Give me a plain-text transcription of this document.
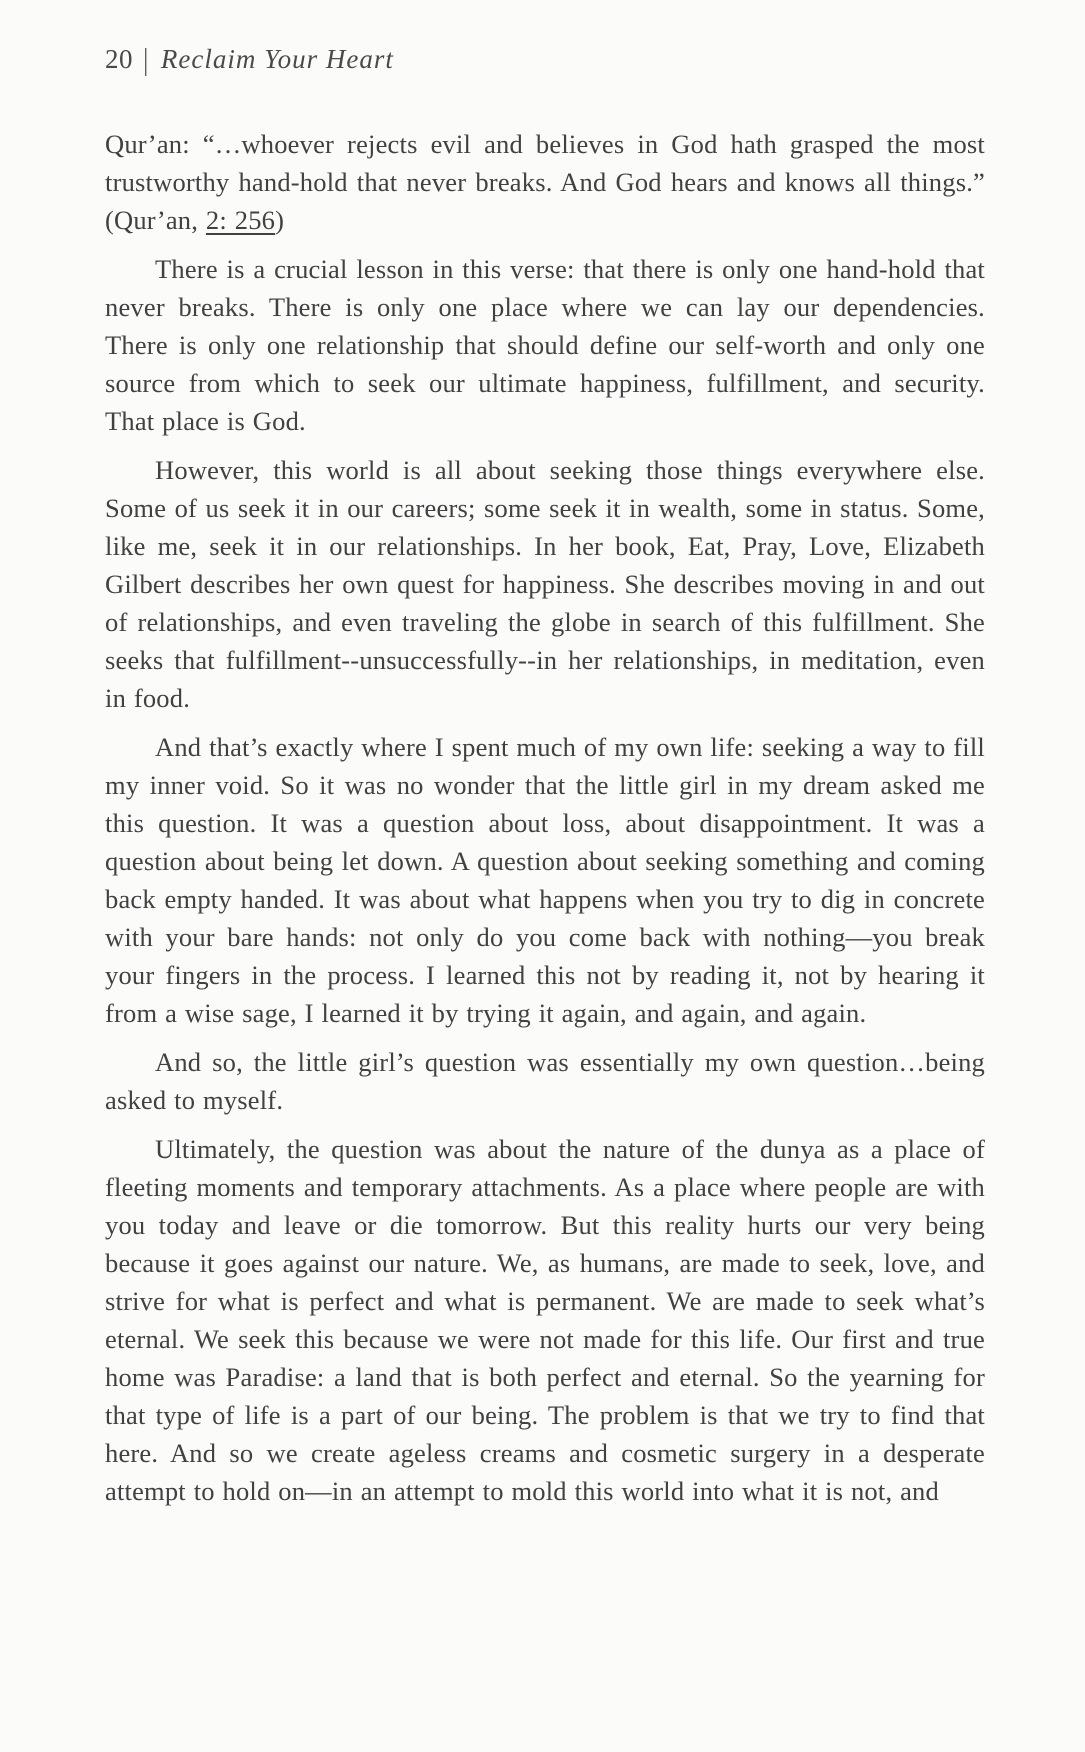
20 | Reclaim Your Heart

Qur’an: “…whoever rejects evil and believes in God hath grasped the most trustworthy hand-hold that never breaks. And God hears and knows all things.” (Qur’an, 2: 256)

There is a crucial lesson in this verse: that there is only one hand-hold that never breaks. There is only one place where we can lay our dependencies. There is only one relationship that should define our self-worth and only one source from which to seek our ultimate happiness, fulfillment, and security. That place is God.

However, this world is all about seeking those things everywhere else. Some of us seek it in our careers; some seek it in wealth, some in status. Some, like me, seek it in our relationships. In her book, Eat, Pray, Love, Elizabeth Gilbert describes her own quest for happiness. She describes moving in and out of relationships, and even traveling the globe in search of this fulfillment. She seeks that fulfillment--unsuccessfully--in her relationships, in meditation, even in food.

And that’s exactly where I spent much of my own life: seeking a way to fill my inner void. So it was no wonder that the little girl in my dream asked me this question. It was a question about loss, about disappointment. It was a question about being let down. A question about seeking something and coming back empty handed. It was about what happens when you try to dig in concrete with your bare hands: not only do you come back with nothing—you break your fingers in the process. I learned this not by reading it, not by hearing it from a wise sage, I learned it by trying it again, and again, and again.

And so, the little girl’s question was essentially my own question…being asked to myself.

Ultimately, the question was about the nature of the dunya as a place of fleeting moments and temporary attachments. As a place where people are with you today and leave or die tomorrow. But this reality hurts our very being because it goes against our nature. We, as humans, are made to seek, love, and strive for what is perfect and what is permanent. We are made to seek what’s eternal. We seek this because we were not made for this life. Our first and true home was Paradise: a land that is both perfect and eternal. So the yearning for that type of life is a part of our being. The problem is that we try to find that here. And so we create ageless creams and cosmetic surgery in a desperate attempt to hold on—in an attempt to mold this world into what it is not, and
